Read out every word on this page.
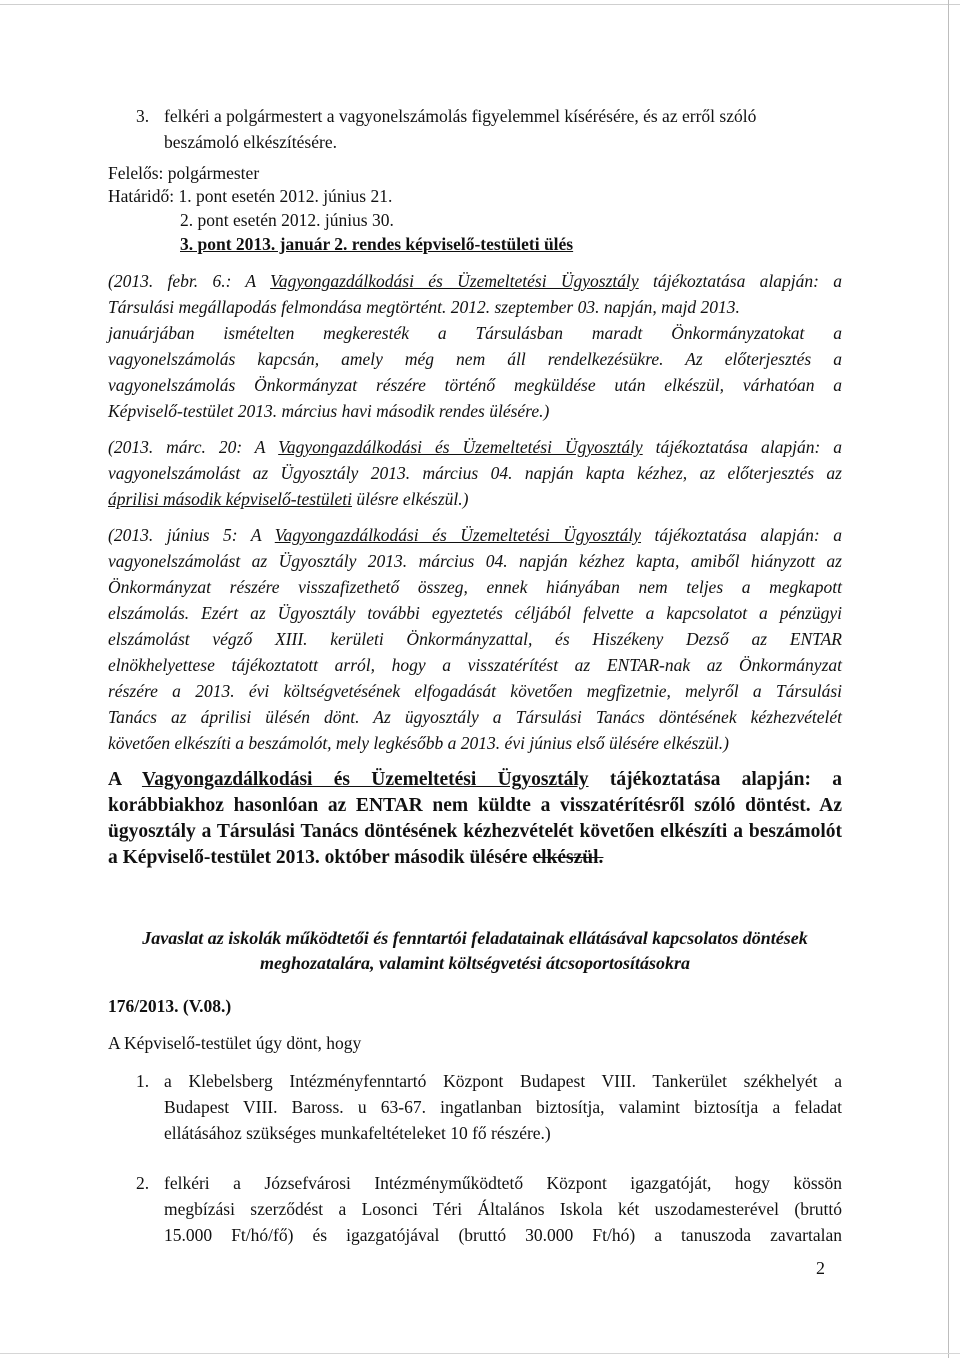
3. felkéri a polgármestert a vagyonelszámolás figyelemmel kísérésére, és az erről szóló
beszámoló elkészítésére.
Felelős: polgármester
Határidő: 1. pont esetén 2012. június 21.
2. pont esetén 2012. június 30.
3. pont 2013. január 2. rendes képviselő-testületi ülés
(2013. febr. 6.: A Vagyongazdálkodási és Üzemeltetési Ügyosztály tájékoztatása alapján: a
Társulási megállapodás felmondása megtörtént. 2012. szeptember 03. napján, majd 2013.
januárjában ismételten megkeresték a Társulásban maradt Önkormányzatokat a
vagyonelszámolás kapcsán, amely még nem áll rendelkezésükre. Az előterjesztés a
vagyonelszámolás Önkormányzat részére történő megküldése után elkészül, várhatóan a
Képviselő-testület 2013. március havi második rendes ülésére.)
(2013. márc. 20: A Vagyongazdálkodási és Üzemeltetési Ügyosztály tájékoztatása alapján: a
vagyonelszámolást az Ügyosztály 2013. március 04. napján kapta kézhez, az előterjesztés az
áprilisi második képviselő-testületi ülésre elkészül.)
(2013. június 5: A Vagyongazdálkodási és Üzemeltetési Ügyosztály tájékoztatása alapján: a
vagyonelszámolást az Ügyosztály 2013. március 04. napján kézhez kapta, amiből hiányzott az
Önkormányzat részére visszafizethető összeg, ennek hiányában nem teljes a megkapott
elszámolás. Ezért az Ügyosztály további egyeztetés céljából felvette a kapcsolatot a pénzügyi
elszámolást végző XIII. kerületi Önkormányzattal, és Hiszékeny Dezső az ENTAR
elnökhelyettese tájékoztatott arról, hogy a visszatérítést az ENTAR-nak az Önkormányzat
részére a 2013. évi költségvetésének elfogadását követően megfizetnie, melyről a Társulási
Tanács az áprilisi ülésén dönt. Az ügyosztály a Társulási Tanács döntésének kézhezvételét
követően elkészíti a beszámolót, mely legkésőbb a 2013. évi június első ülésére elkészül.)
A Vagyongazdálkodási és Üzemeltetési Ügyosztály tájékoztatása alapján: a
korábbiakhoz hasonlóan az ENTAR nem küldte a visszatérítésről szóló döntést. Az
ügyosztály a Társulási Tanács döntésének kézhezvételét követően elkészíti a beszámolót
a Képviselő-testület 2013. október második ülésére elkészül.
Javaslat az iskolák működtetői és fenntartói feladatainak ellátásával kapcsolatos döntések
meghozatalára, valamint költségvetési átcsoportosításokra
176/2013. (V.08.)
A Képviselő-testület úgy dönt, hogy
1. a Klebelsberg Intézményfenntartó Központ Budapest VIII. Tankerület székhelyét a
Budapest VIII. Baross. u 63-67. ingatlanban biztosítja, valamint biztosítja a feladat
ellátásához szükséges munkafeltételeket 10 fő részére.)
2. felkéri a Józsefvárosi Intézményműködtető Központ igazgatóját, hogy kössön
megbízási szerződést a Losonci Téri Általános Iskola két uszodamesterével (bruttó
15.000 Ft/hó/fő) és igazgatójával (bruttó 30.000 Ft/hó) a tanuszoda zavartalan
2
